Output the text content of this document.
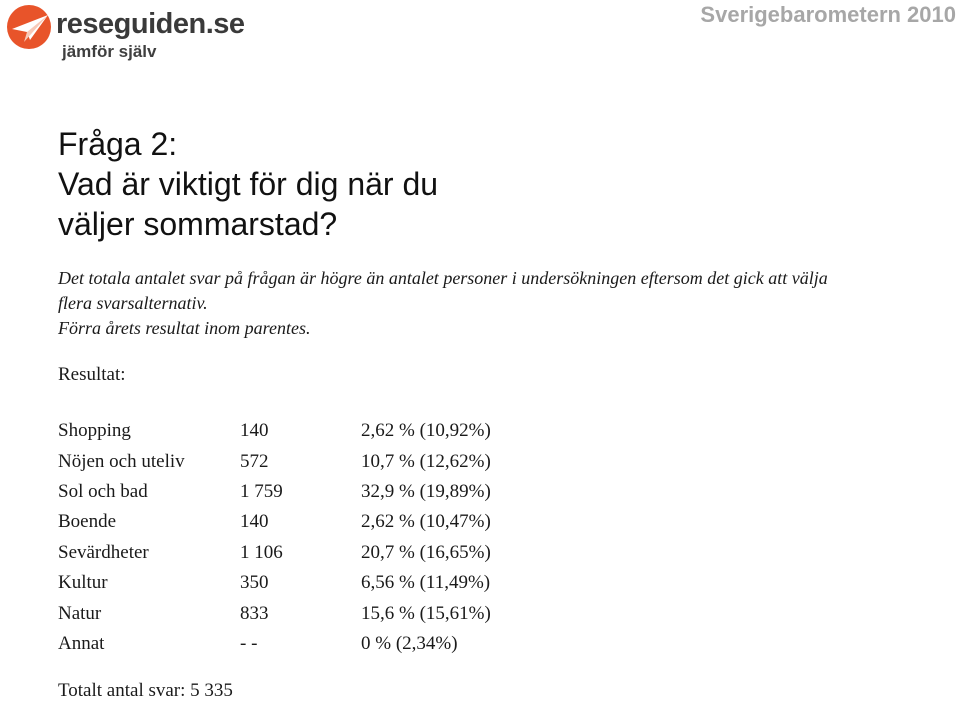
reseguiden.se
jämför själv
Sverigebarometern 2010
Fråga 2:
Vad är viktigt för dig när du
väljer sommarstad?

Det totala antalet svar på frågan är högre än antalet personer i undersökningen eftersom det gick att välja flera svarsalternativ.

Förra årets resultat inom parentes.

Resultat:
Shopping	140	2,62 % (10,92%)
Nöjen och uteliv	572	10,7 % (12,62%)
Sol och bad	1 759	32,9 % (19,89%)
Boende	140	2,62 % (10,47%)
Sevärdheter	1 106	20,7 % (16,65%)
Kultur	350	6,56 % (11,49%)
Natur	833	15,6 % (15,61%)
Annat	- -	0 % (2,34%)
Totalt antal svar: 5 335
